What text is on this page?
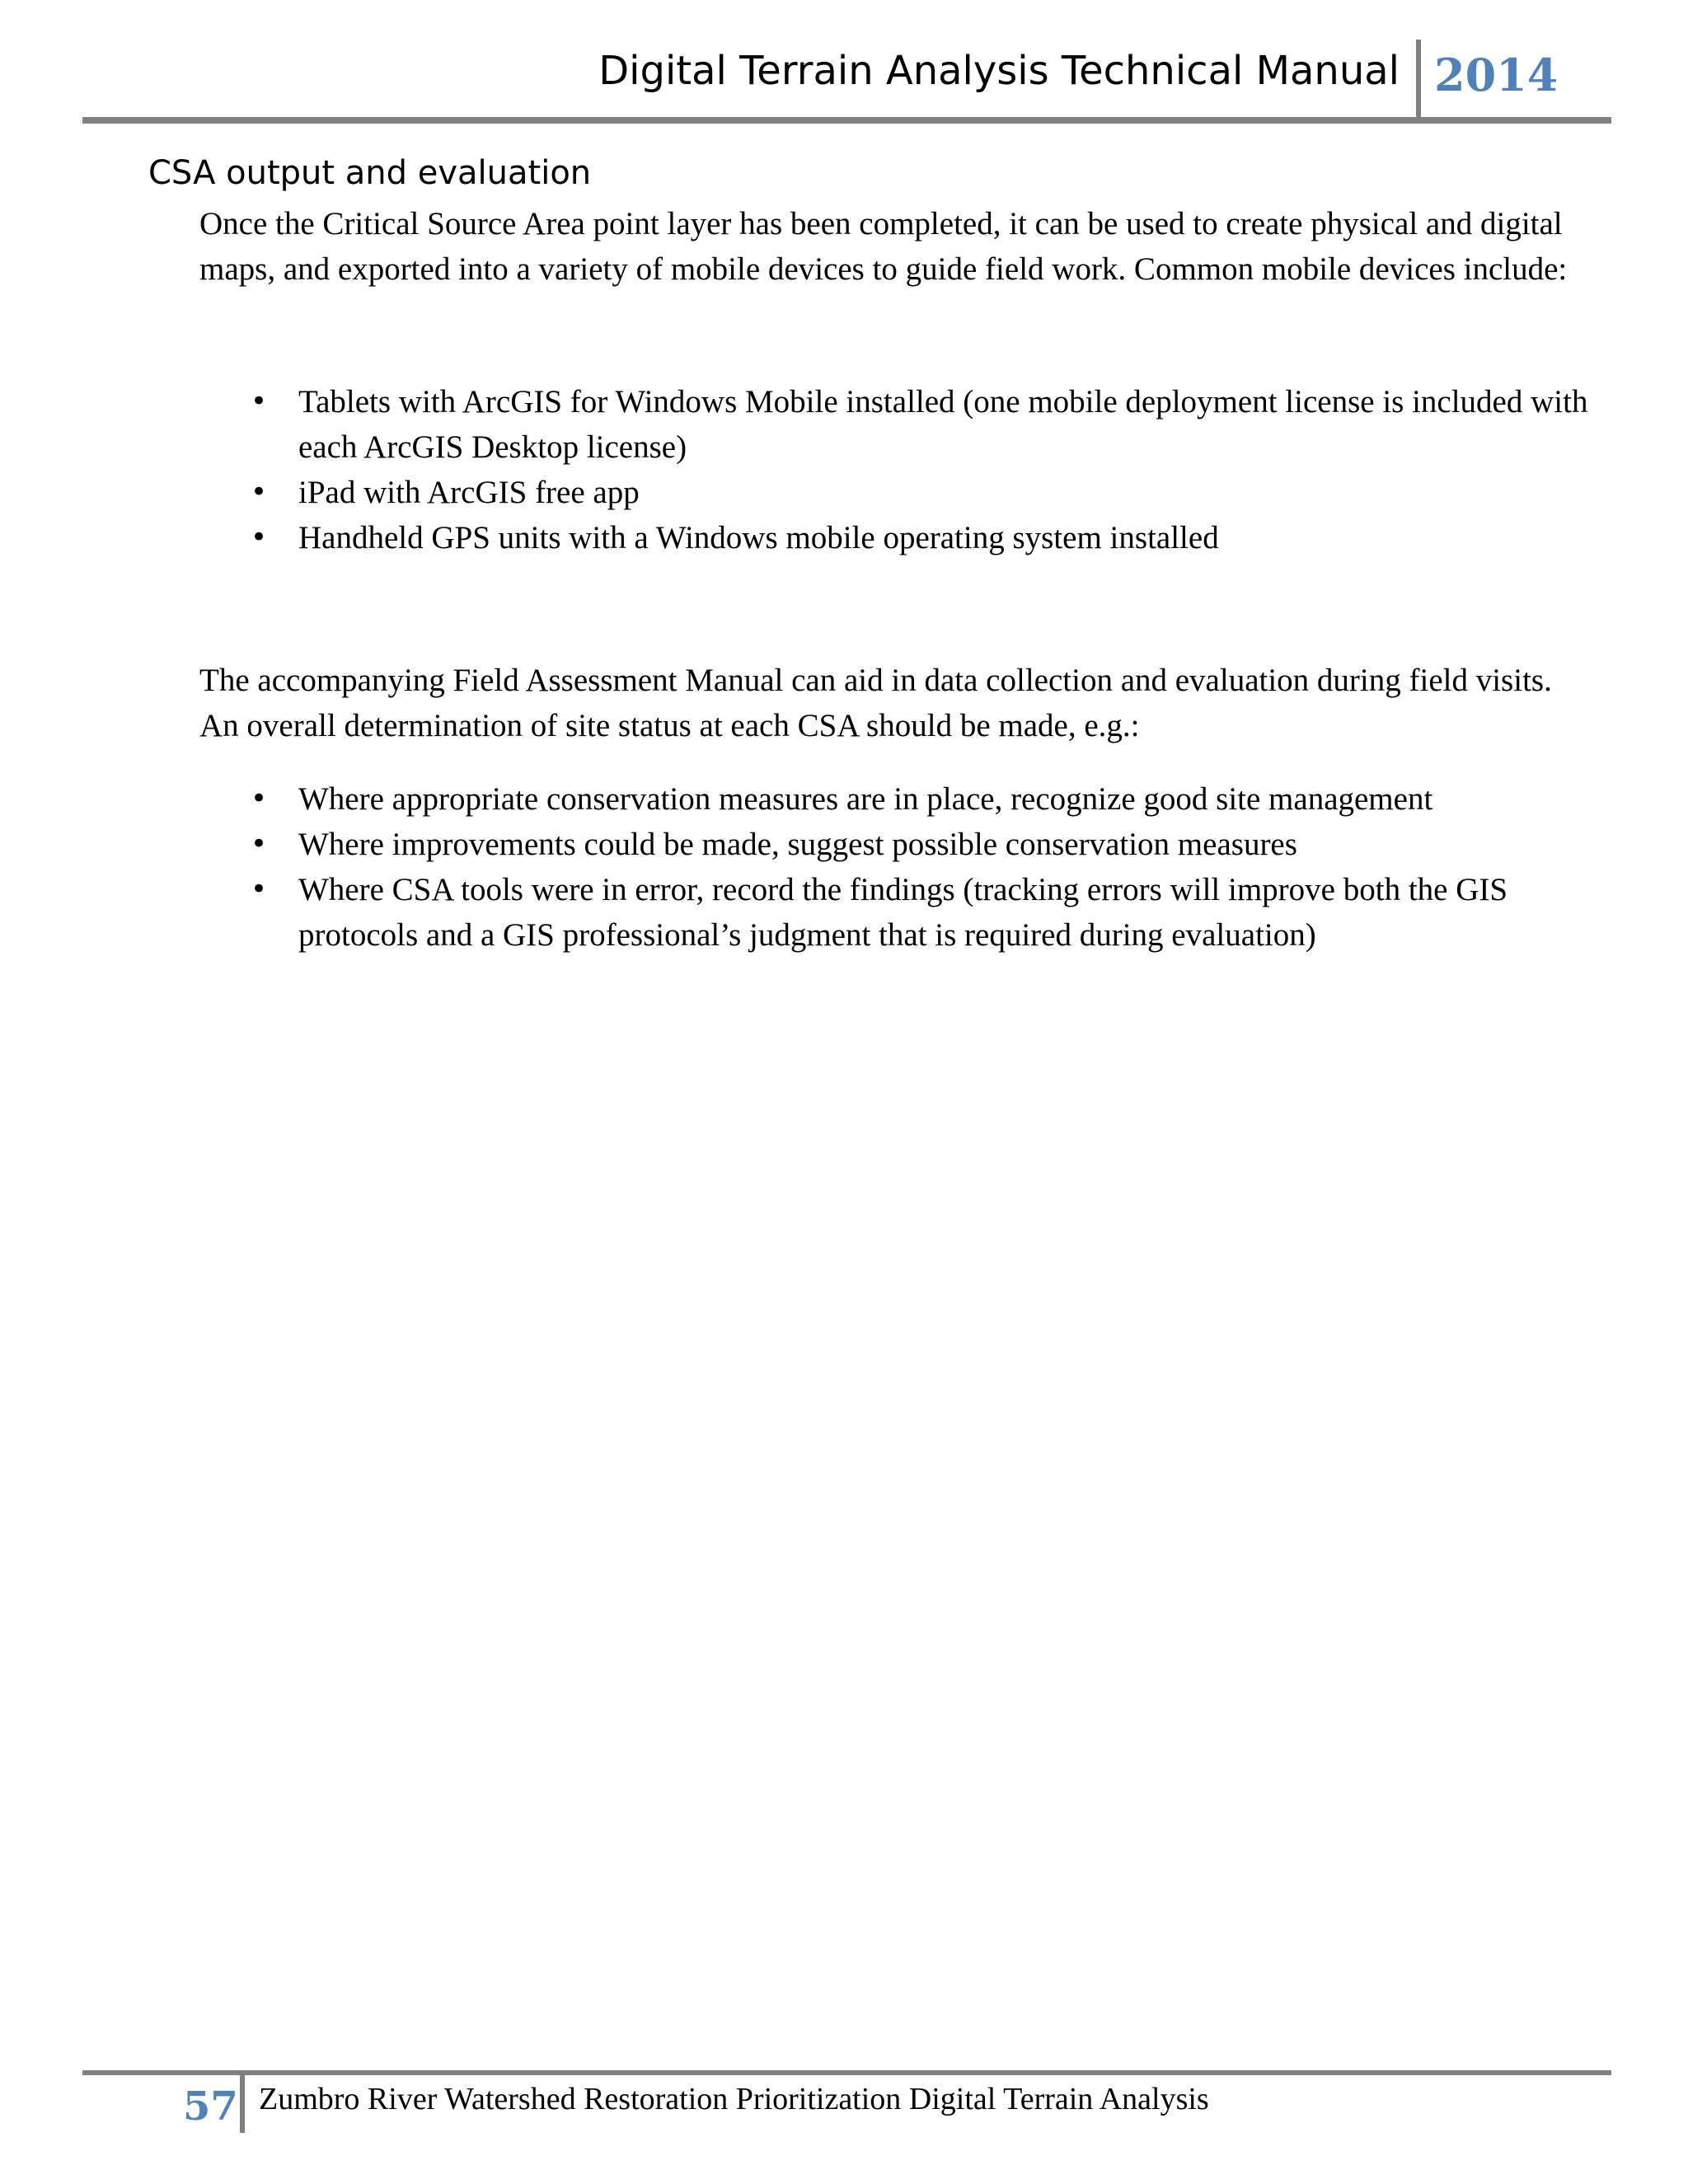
Digital Terrain Analysis Technical Manual 2014
CSA output and evaluation

Once the Critical Source Area point layer has been completed, it can be used to create physical and digital maps, and exported into a variety of mobile devices to guide field work. Common mobile devices include:

• Tablets with ArcGIS for Windows Mobile installed (one mobile deployment license is included with each ArcGIS Desktop license)
• iPad with ArcGIS free app
• Handheld GPS units with a Windows mobile operating system installed

The accompanying Field Assessment Manual can aid in data collection and evaluation during field visits. An overall determination of site status at each CSA should be made, e.g.:

• Where appropriate conservation measures are in place, recognize good site management
• Where improvements could be made, suggest possible conservation measures
• Where CSA tools were in error, record the findings (tracking errors will improve both the GIS protocols and a GIS professional’s judgment that is required during evaluation)
57 Zumbro River Watershed Restoration Prioritization Digital Terrain Analysis
